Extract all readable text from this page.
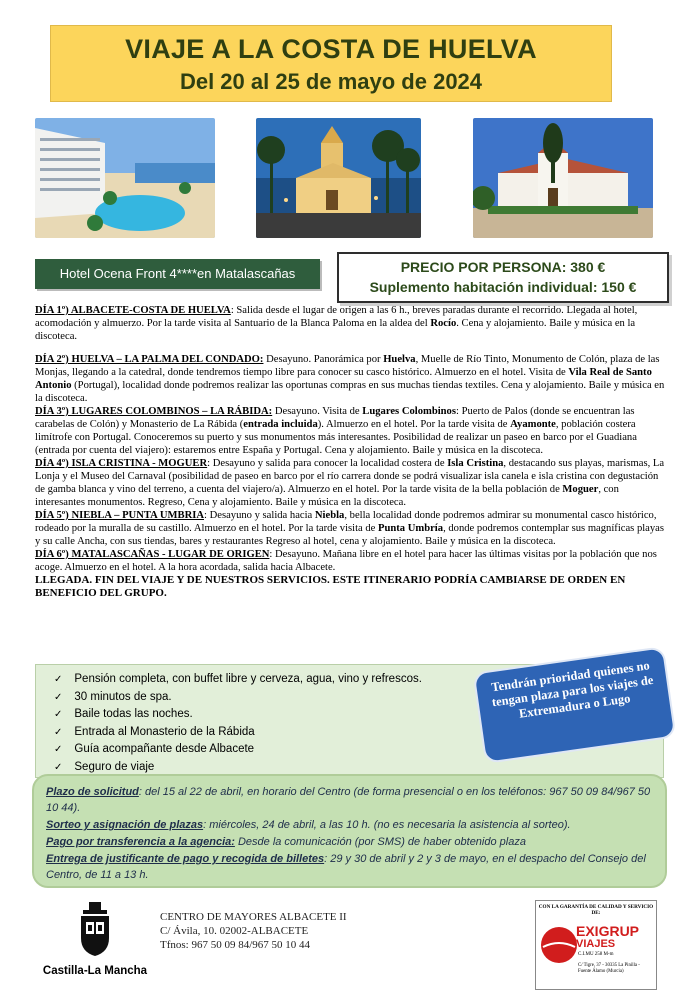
VIAJE A LA COSTA DE HUELVA
Del 20 al 25 de mayo de 2024
Hotel Ocena Front 4****en Matalascañas	PRECIO POR PERSONA: 380 €
Suplemento habitación individual: 150 €

DÍA 1º) ALBACETE-COSTA DE HUELVA: Salida desde el lugar de origen a las 6 h., breves paradas durante el recorrido. Llegada al hotel, acomodación y almuerzo. Por la tarde visita al Santuario de la Blanca Paloma en la aldea del Rocío. Cena y alojamiento. Baile y música en la discoteca.

DÍA 2º) HUELVA – LA PALMA DEL CONDADO: Desayuno. Panorámica por Huelva, Muelle de Río Tinto, Monumento de Colón, plaza de las Monjas, llegando a la catedral, donde tendremos tiempo libre para conocer su casco histórico. Almuerzo en el hotel. Visita de Vila Real de Santo Antonio (Portugal), localidad donde podremos realizar las oportunas compras en sus muchas tiendas textiles. Cena y alojamiento. Baile y música en la discoteca.

DÍA 3º) LUGARES COLOMBINOS – LA RÁBIDA: Desayuno. Visita de Lugares Colombinos: Puerto de Palos (donde se encuentran las carabelas de Colón) y Monasterio de La Rábida (entrada incluida). Almuerzo en el hotel. Por la tarde visita de Ayamonte, población costera limítrofe con Portugal. Conoceremos su puerto y sus monumentos más interesantes. Posibilidad de realizar un paseo en barco por el Guadiana (entrada por cuenta del viajero): estaremos entre España y Portugal. Cena y alojamiento. Baile y música en la discoteca.

DÍA 4º) ISLA CRISTINA - MOGUER: Desayuno y salida para conocer la localidad costera de Isla Cristina, destacando sus playas, marismas, La Lonja y el Museo del Carnaval (posibilidad de paseo en barco por el río carrera donde se podrá visualizar isla canela e isla cristina con degustación de gamba blanca y vino del terreno, a cuenta del viajero/a). Almuerzo en el hotel. Por la tarde visita de la bella población de Moguer, con interesantes monumentos. Regreso, Cena y alojamiento. Baile y música en la discoteca.

DÍA 5º) NIEBLA – PUNTA UMBRIA: Desayuno y salida hacia Niebla, bella localidad donde podremos admirar su monumental casco histórico, rodeado por la muralla de su castillo. Almuerzo en el hotel. Por la tarde visita de Punta Umbría, donde podremos contemplar sus magníficas playas y su calle Ancha, con sus tiendas, bares y restaurantes Regreso al hotel, cena y alojamiento. Baile y música en la discoteca.

DÍA 6º) MATALASCAÑAS - LUGAR DE ORIGEN: Desayuno. Mañana libre en el hotel para hacer las últimas visitas por la población que nos acoge. Almuerzo en el hotel. A la hora acordada, salida hacia Albacete.

LLEGADA. FIN DEL VIAJE Y DE NUESTROS SERVICIOS. ESTE ITINERARIO PODRÍA CAMBIARSE DE ORDEN EN BENEFICIO DEL GRUPO.

✓ Pensión completa, con buffet libre y cerveza, agua, vino y refrescos.
✓ 30 minutos de spa.
✓ Baile todas las noches.
✓ Entrada al Monasterio de la Rábida
✓ Guía acompañante desde Albacete
✓ Seguro de viaje
Tendrán prioridad quienes no tengan plaza para los viajes de Extremadura o Lugo

Plazo de solicitud: del 15 al 22 de abril, en horario del Centro (de forma presencial o en los teléfonos: 967 50 09 84/967 50 10 44).

Sorteo y asignación de plazas: miércoles, 24 de abril, a las 10 h. (no es necesaria la asistencia al sorteo).

Pago por transferencia a la agencia: Desde la comunicación (por SMS) de haber obtenido plaza

Entrega de justificante de pago y recogida de billetes: 29 y 30 de abril y 2 y 3 de mayo, en el despacho del Consejo del Centro, de 11 a 13 h.

Castilla-La Mancha
CENTRO DE MAYORES ALBACETE II
C/ Ávila, 10. 02002-ALBACETE
Tfnos: 967 50 09 84/967 50 10 44
CON LA GARANTÍA DE CALIDAD Y SERVICIO DE:
EXIGRUP
VIAJES
C.I.MU 258 M-m
C/ Tigre, 37 - 30335 La Pinilla - Fuente Álamo (Murcia)
